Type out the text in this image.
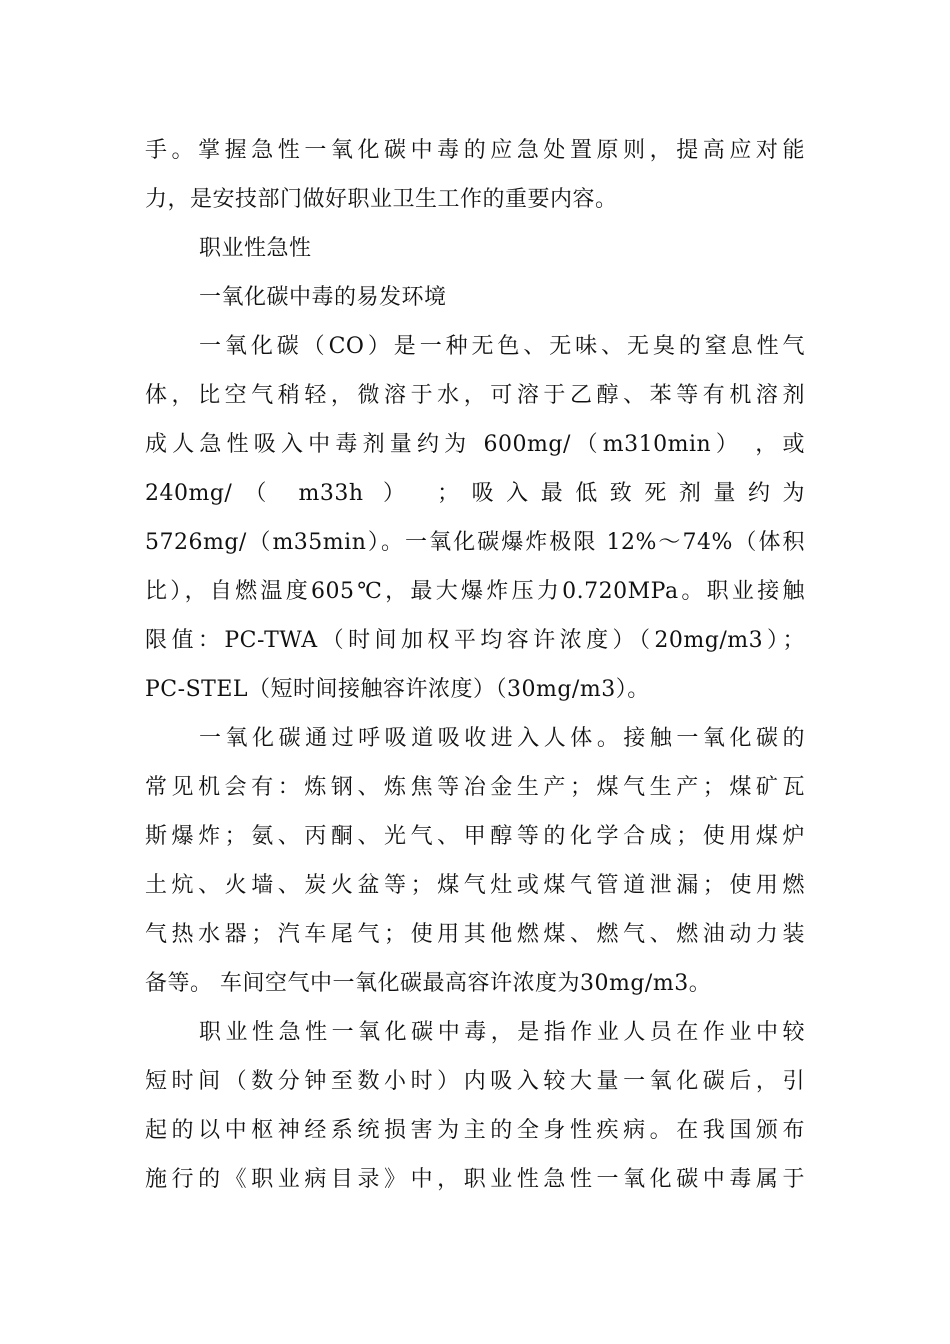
手。掌握急性一氧化碳中毒的应急处置原则，提高应对能
力，是安技部门做好职业卫生工作的重要内容。
职业性急性
一氧化碳中毒的易发环境
一氧化碳（CO）是一种无色、无味、无臭的窒息性气
体，比空气稍轻，微溶于水，可溶于乙醇、苯等有机溶剂
成人急性吸入中毒剂量约为 600mg/（m310min） ，或
240mg/（ m33h ） ；吸入最低致死剂量约为
5726mg/（m35min）。一氧化碳爆炸极限 12%～74%（体积
比），自燃温度605℃，最大爆炸压力0.720MPa。职业接触
限值：PC-TWA（时间加权平均容许浓度）（20mg/m3）；
PC-STEL（短时间接触容许浓度）（30mg/m3）。
一氧化碳通过呼吸道吸收进入人体。接触一氧化碳的
常见机会有：炼钢、炼焦等冶金生产；煤气生产；煤矿瓦
斯爆炸；氨、丙酮、光气、甲醇等的化学合成；使用煤炉
土炕、火墙、炭火盆等；煤气灶或煤气管道泄漏；使用燃
气热水器；汽车尾气；使用其他燃煤、燃气、燃油动力装
备等。 车间空气中一氧化碳最高容许浓度为30mg/m3。
职业性急性一氧化碳中毒，是指作业人员在作业中较
短时间（数分钟至数小时）内吸入较大量一氧化碳后，引
起的以中枢神经系统损害为主的全身性疾病。在我国颁布
施行的《职业病目录》中，职业性急性一氧化碳中毒属于
